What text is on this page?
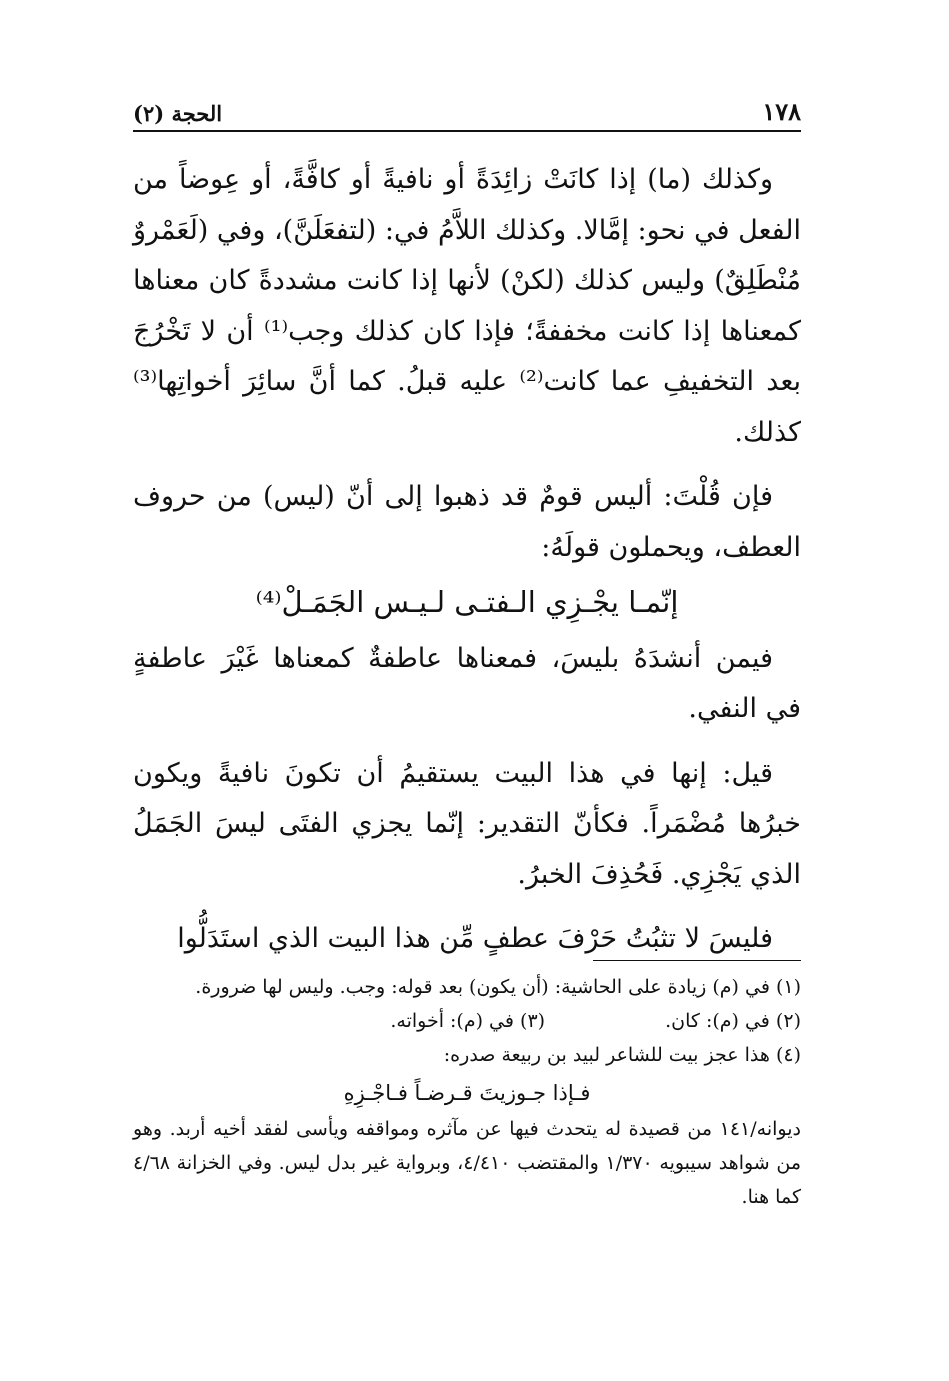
١٧٨
الحجة (٢)

وكذلك (ما) إذا كانَتْ زائِدَةً أو نافيةً أو كافَّةً، أو عِوضاً من الفعل في نحو: إمَّالا. وكذلك اللاَّمُ في: (لتفعَلَنَّ)، وفي (لَعَمْروٌ مُنْطَلِقٌ) وليس كذلك (لكنْ) لأنها إذا كانت مشددةً كان معناها كمعناها إذا كانت مخففةً؛ فإذا كان كذلك وجب⁽¹⁾ أن لا تَخْرُجَ بعد التخفيفِ عما كانت⁽²⁾ عليه قبلُ. كما أنَّ سائِرَ أخواتِها⁽³⁾ كذلك.

فإن قُلْتَ: أليس قومٌ قد ذهبوا إلى أنّ (ليس) من حروف العطف، ويحملون قولَهُ:

إنّمـا يجْـزِي الـفتـى لـيـس الجَمَـلْ⁽⁴⁾

فيمن أنشدَهُ بليسَ، فمعناها عاطفةٌ كمعناها غَيْرَ عاطفةٍ في النفي.

قيل: إنها في هذا البيت يستقيمُ أن تكونَ نافيةً ويكون خبرُها مُضْمَراً. فكأنّ التقدير: إنّما يجزي الفتَى ليسَ الجَمَلُ الذي يَجْزِي. فَحُذِفَ الخبرُ.

فليسَ لا تثبُتُ حَرْفَ عطفٍ مِّن هذا البيت الذي استَدَلُّوا

(١) في (م) زيادة على الحاشية: (أن يكون) بعد قوله: وجب. وليس لها ضرورة.

(٢) في (م): كان.
(٣) في (م): أخواته.

(٤) هذا عجز بيت للشاعر لبيد بن ربيعة صدره:

فـإذا جـوزيتَ قـرضـاً فـاجْـزِهِ

ديوانه/١٤١ من قصيدة له يتحدث فيها عن مآثره ومواقفه ويأسى لفقد أخيه أربد. وهو من شواهد سيبويه ١/٣٧٠ والمقتضب ٤/٤١٠، وبرواية غير بدل ليس. وفي الخزانة ٤/٦٨ كما هنا.
